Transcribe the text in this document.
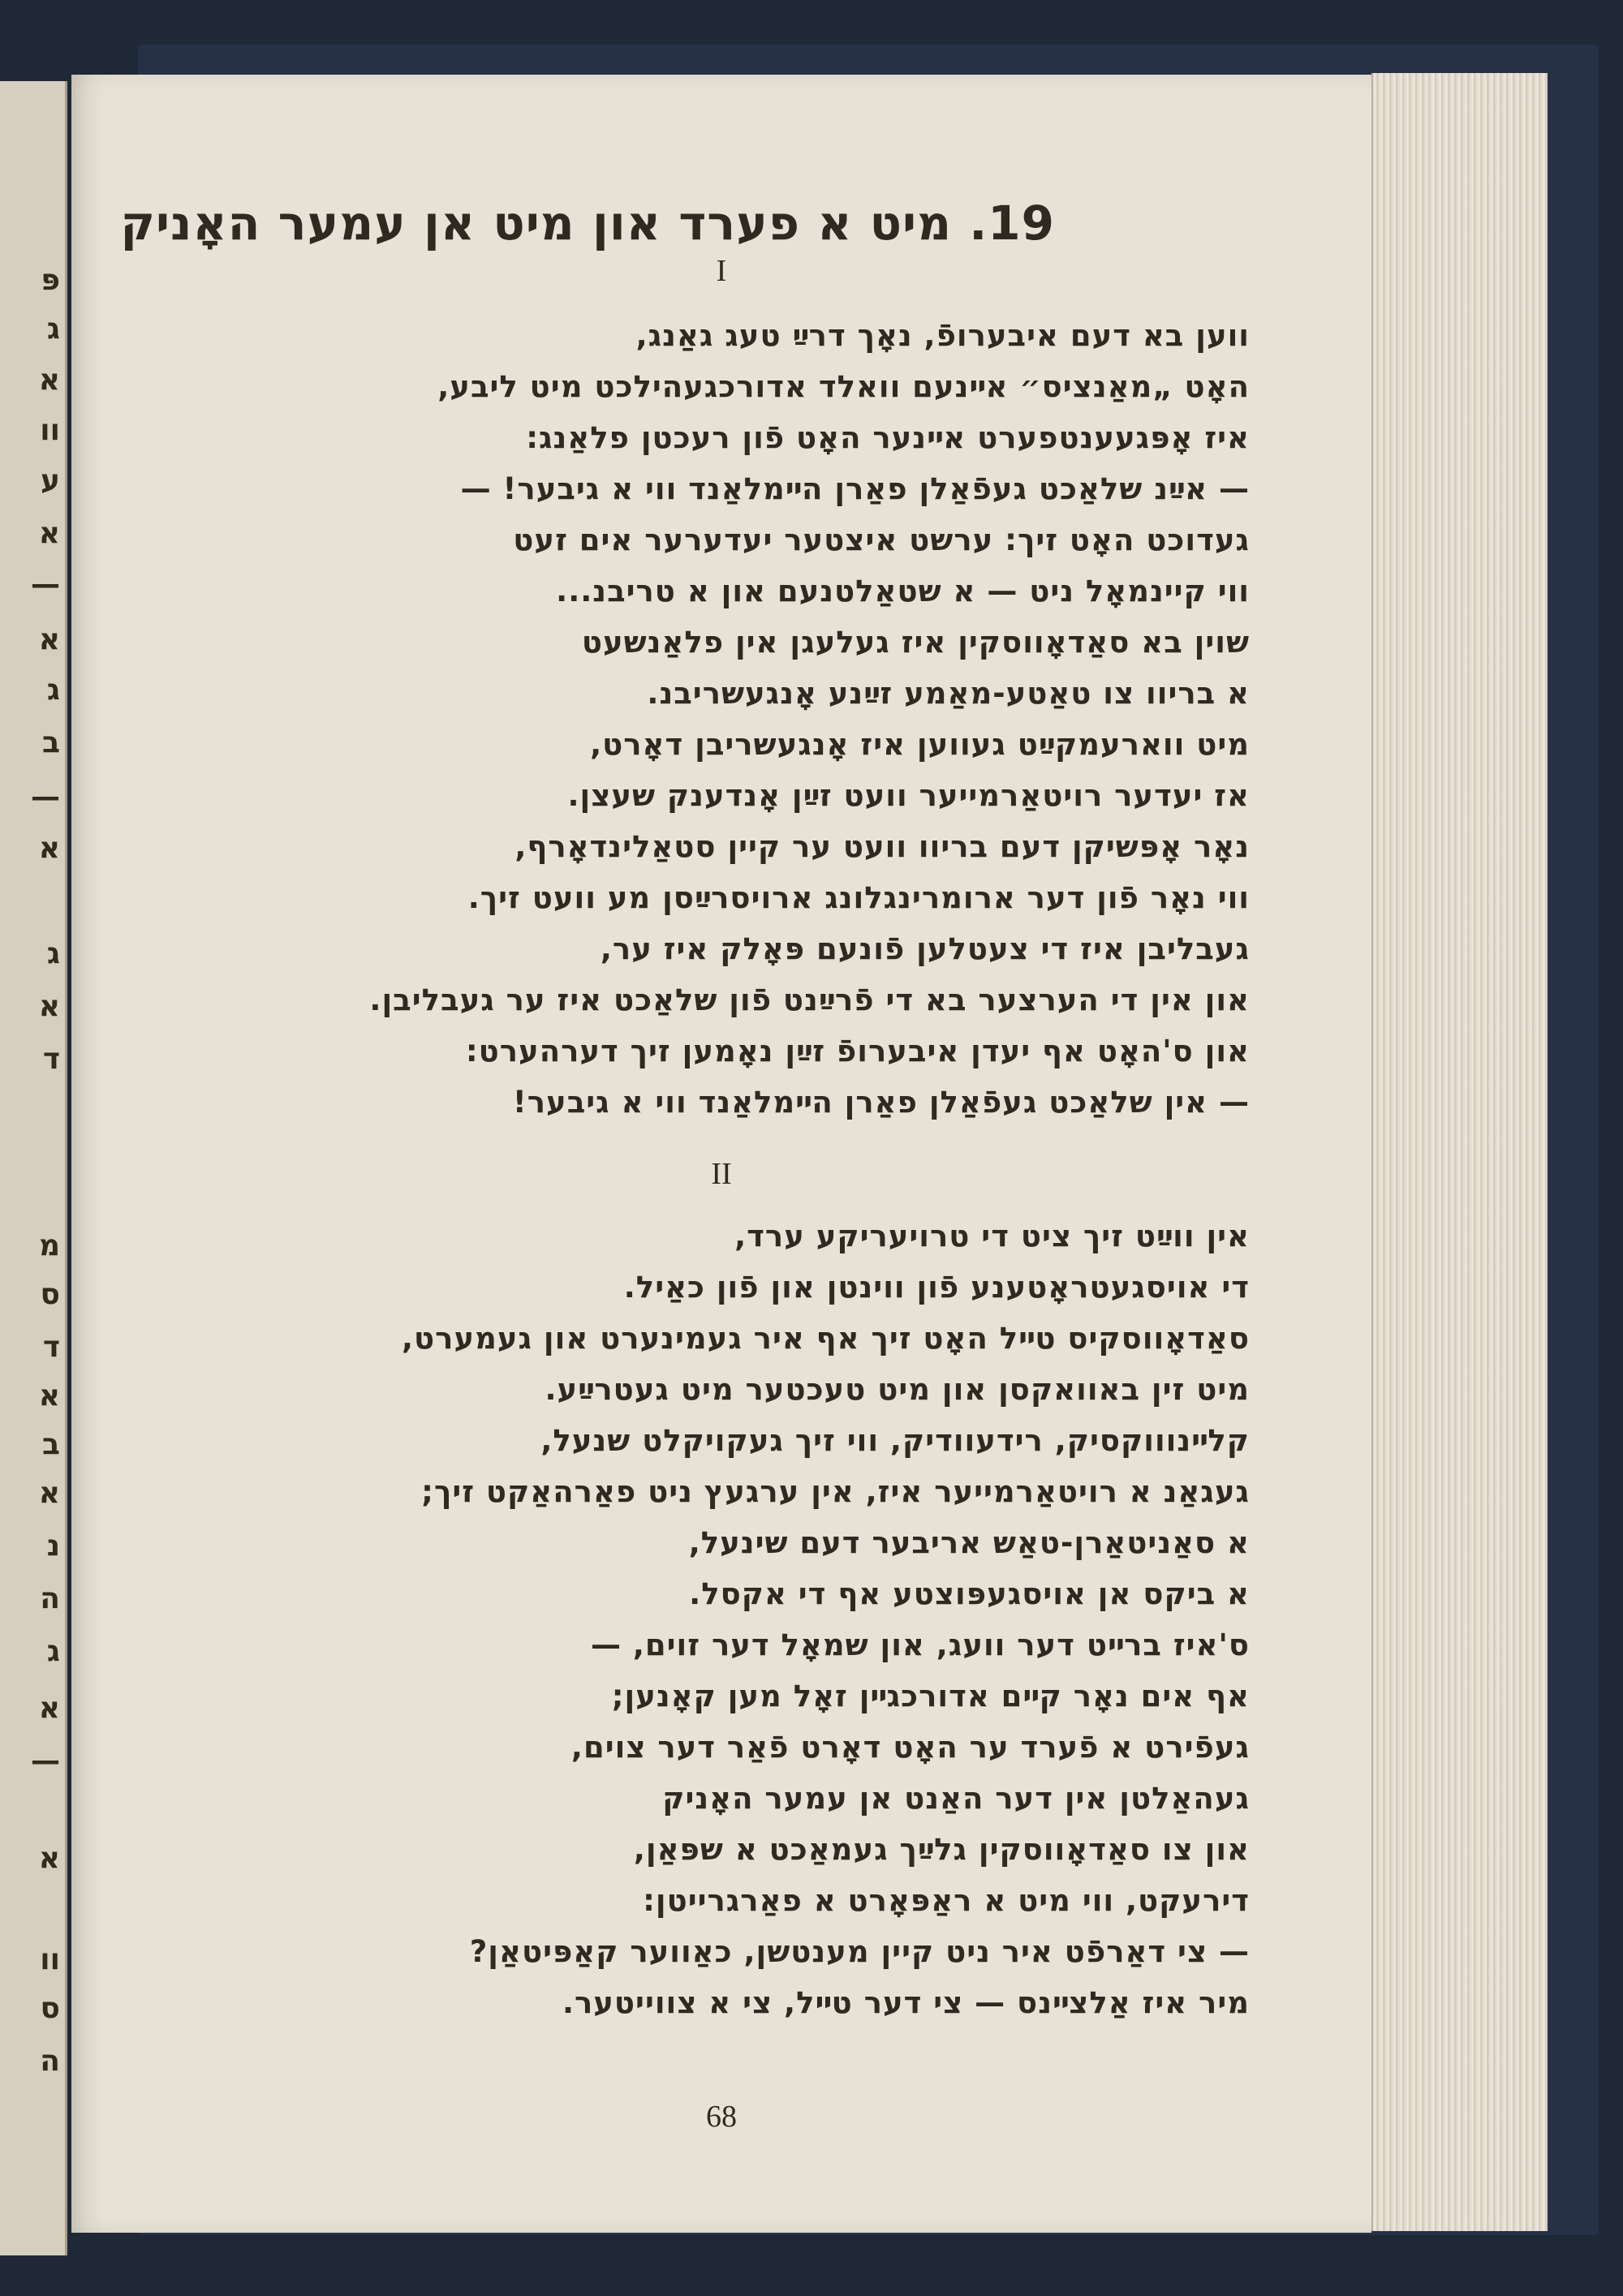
פּ
ג
א
וו
ע
א
—
א
ג
ב
—
א
ג
א
ד
מ
ס
ד
א
ב
א
נ
ה
ג
א
—
א
וו
ס
ה
19. מיט א פערד און מיט אן עמער האָניק

I

ווען בא דעם איבערופֿ, נאָך דרײַ טעג גאַנג,

האָט „מאַנציס״ אײנעם וואלד אדורכגעהילכט מיט ליבע,

איז אָפּגעענטפערט אײנער האָט פֿון רעכטן פלאַנג:

— אײַנ שלאַכט געפֿאַלן פאַרן הײמלאַנד ווי א גיבער! —

געדוכט האָט זיך: ערשט איצטער יעדערער אים זעט

ווי קיינמאָל ניט — א שטאַלטנעם און א טריבנ...

שוין בא סאַדאָווסקין איז געלעגן אין פלאַנשעט

א בריוו צו טאַטע-מאַמע זײַנע אָנגעשריבנ.

מיט ווארעמקײַט געווען איז אָנגעשריבן דאָרט,

אז יעדער רויטאַרמייער וועט זײַן אָנדענק שעצן.

נאָר אָפּשיקן דעם בריוו וועט ער קיין סטאַלינדאָרף,

ווי נאָר פֿון דער ארומרינגלונג ארויסרײַסן מע וועט זיך.

געבליבן איז די צעטלען פֿונעם פּאָלק איז ער,

און אין די הערצער בא די פֿרײַנט פֿון שלאַכט איז ער געבליבן.

און ס'האָט אף יעדן איבערופֿ זײַן נאָמען זיך דערהערט:

— אין שלאַכט געפֿאַלן פאַרן הײמלאַנד ווי א גיבער!

II

אין ווײַט זיך ציט די טרויעריקע ערד,

די אויסגעטראָטענע פֿון ווינטן און פֿון כאַיל.

סאַדאָווסקיס טײל האָט זיך אף איר געמינערט און געמערט,

מיט זין באוואקסן און מיט טעכטער מיט געטרײַע.

קלײנוווקסיק, רידעוודיק, ווי זיך געקויקלט שנעל,

געגאַנ א רויטאַרמייער איז, אין ערגעץ ניט פאַרהאַקט זיך;

א סאַניטאַרן-טאַש אריבער דעם שינעל,

א ביקס אן אויסגעפּוצטע אף די אקסל.

ס'איז ברײט דער וועג, און שמאָל דער זוים, —

אף אים נאָר קײם אדורכגײן זאָל מען קאָנען;

געפֿירט א פֿערד ער האָט דאָרט פֿאַר דער צוים,

געהאַלטן אין דער האַנט אן עמער האָניק

און צו סאַדאָווסקין גלײַך געמאַכט א שפּאַן,

דירעקט, ווי מיט א ראַפּאָרט א פאַרגרייטן:

— צי דאַרפֿט איר ניט קיין מענטשן, כאַווער קאַפּיטאַן?

מיר איז אַלצײנס — צי דער טײל, צי א צווייטער.

68
